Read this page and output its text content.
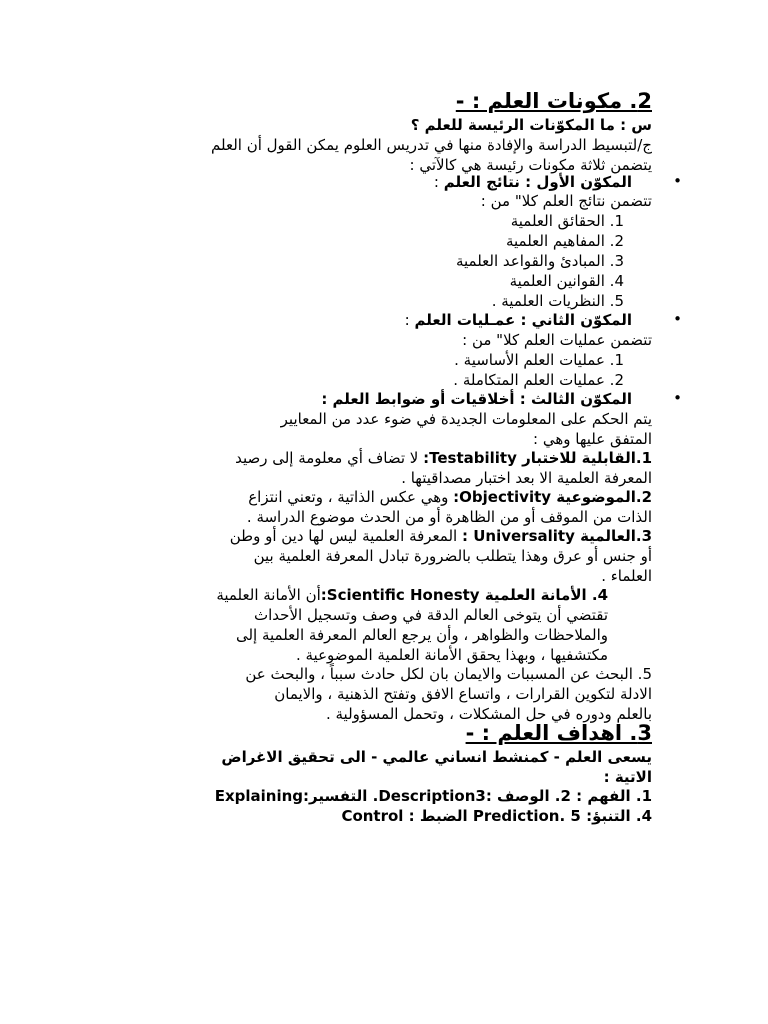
2. مكونات العلم : -
س : ما المكوّنات الرئيسة للعلم ؟
ج/لتبسيط الدراسة والإفادة منها في تدريس العلوم يمكن القول أن العلم
يتضمن ثلاثة مكونات رئيسة هي كالآتي :
المكوّن الأول : نتائج العلم :	•
تتضمن نتائج العلم كلا" من :
1. الحقائق العلمية
2. المفاهيم العلمية
3. المبادئ والقواعد العلمية
4. القوانين العلمية
5. النظريات العلمية .
المكوّن الثاني : عمـليات العلم :	•
تتضمن عمليات العلم كلا" من :
1. عمليات العلم الأساسية .
2. عمليات العلم المتكاملة .
المكوّن الثالث : أخلاقيات أو ضوابط العلم :	•
يتم الحكم على المعلومات الجديدة في ضوء عدد من المعايير
المتفق عليها وهي :
1.القابلية للاختبار Testability: لا تضاف أي معلومة إلى رصيد
المعرفة العلمية الا بعد اختبار مصداقيتها .
2.الموضوعية Objectivity: وهي عكس الذاتية ، وتعني انتزاع
الذات من الموقف أو من الظاهرة أو من الحدث موضوع الدراسة .
3.العالمية Universality : المعرفة العلمية ليس لها دين أو وطن
أو جنس أو عرق وهذا يتطلب بالضرورة تبادل المعرفة العلمية بين
العلماء .
4. الأمانة العلمية Scientific Honesty:أن الأمانة العلمية
تقتضي أن يتوخى العالم الدقة في وصف وتسجيل الأحداث
والملاحظات والظواهر ، وأن يرجع العالم المعرفة العلمية إلى
مكتشفيها ، وبهذا يحقق الأمانة العلمية الموضوعية .
5. البحث عن المسببات والايمان بان لكل حادث سبباً ، والبحث عن
الادلة لتكوين القرارات ، واتساع الافق وتفتح الذهنية ، والايمان
بالعلم ودوره في حل المشكلات ، وتحمل المسؤولية .
3. اهداف العلم : -
يسعى العلم - كمنشط انساني عالمي - الى تحقيق الاغراض
الاتية :
1. الفهم : 2. الوصف :Description3. التفسير:Explaining
4. التنبؤ: 5 .Prediction الضبط : Control
